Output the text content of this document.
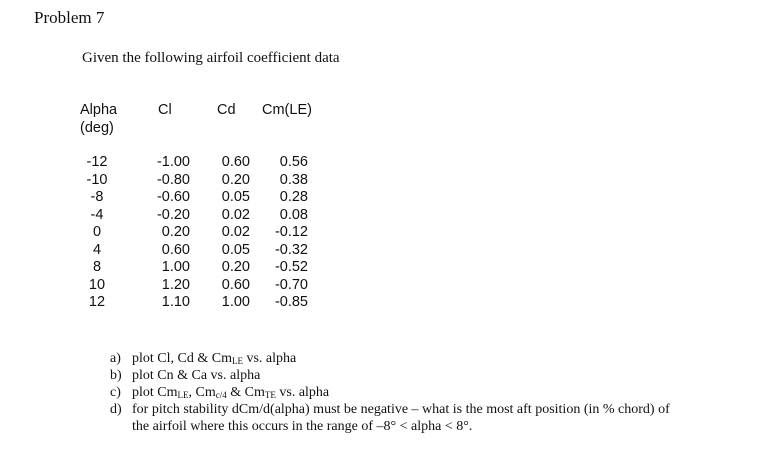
Problem 7
Given the following airfoil coefficient data
Alpha
(deg)
-12
-10
-8
-4
0
4
8
10
12
Cl
-1.00
-0.80
-0.60
-0.20
0.20
0.60
1.00
1.20
1.10
Cd
0.60
0.20
0.05
0.02
0.02
0.05
0.20
0.60
1.00
Cm(LE)
0.56
0.38
0.28
0.08
-0.12
-0.32
-0.52
-0.70
-0.85
a) plot Cl, Cd & $Cm_{LE}$ vs. alpha
b) plot Cn & Ca vs. alpha
c) plot $Cm_{LE}$, $Cm_{c/4}$ & $Cm_{TE}$ vs. alpha
d) for pitch stability dCm/d(alpha) must be negative – what is the most aft position (in % chord) of the airfoil where this occurs in the range of –8° < alpha < 8°.
